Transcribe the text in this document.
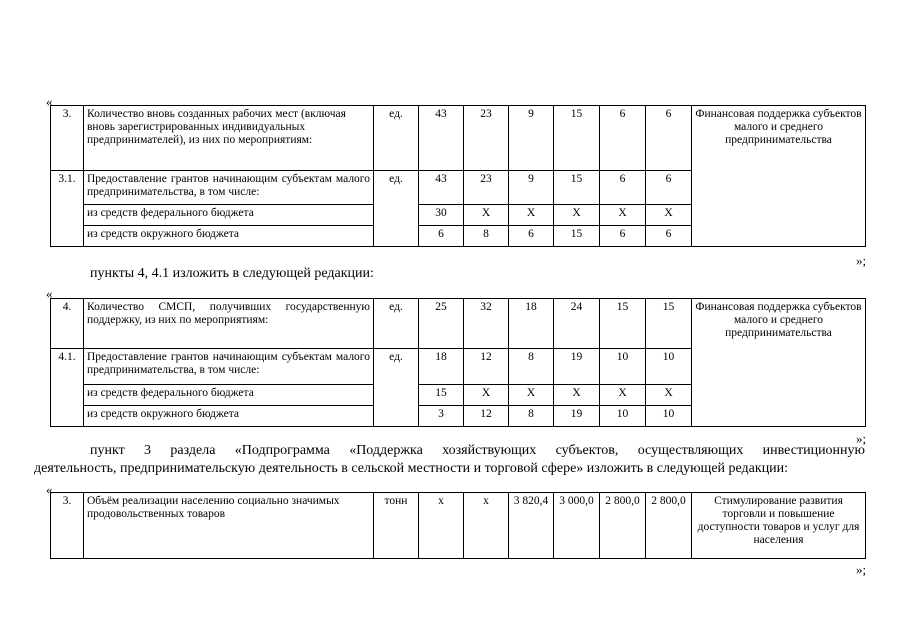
«
3.	Количество вновь созданных рабочих мест (включая вновь зарегистрированных индивидуальных предпринимателей), из них по мероприятиям:	ед.	43	23	9	15	6	6	Финансовая поддержка субъектов малого и среднего предпринимательства
3.1.	Предоставление грантов начинающим субъектам малого предпринимательства, в том числе:	ед.	43	23	9	15	6	6	
	из средств федерального бюджета		30	X	X	X	X	X	
	из средств окружного бюджета		6	8	6	15	6	6	
»;
пункты 4, 4.1 изложить в следующей редакции:
«
4.	Количество СМСП, получивших государственную поддержку, из них по мероприятиям:	ед.	25	32	18	24	15	15	Финансовая поддержка субъектов малого и среднего предпринимательства
4.1.	Предоставление грантов начинающим субъектам малого предпринимательства, в том числе:	ед.	18	12	8	19	10	10	
	из средств федерального бюджета		15	X	X	X	X	X	
	из средств окружного бюджета		3	12	8	19	10	10	
»;
пункт 3 раздела «Подпрограмма «Поддержка хозяйствующих субъектов, осуществляющих инвестиционную
деятельность, предпринимательскую деятельность в сельской местности и торговой сфере» изложить в следующей редакции:
«
3.	Объём реализации населению социально значимых продовольственных товаров	тонн	х	х	3 820,4	3 000,0	2 800,0	2 800,0	Стимулирование развития торговли и повышение доступности товаров и услуг для населения
»;
